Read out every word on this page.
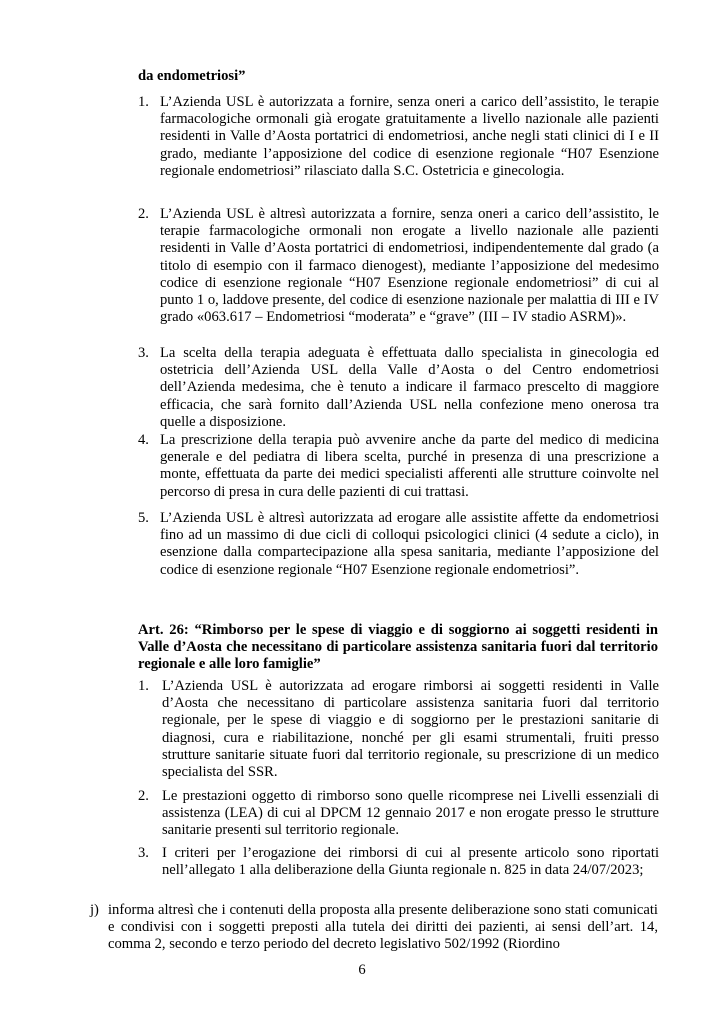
da endometriosi”
1. L’Azienda USL è autorizzata a fornire, senza oneri a carico dell’assistito, le terapie farmacologiche ormonali già erogate gratuitamente a livello nazionale alle pazienti residenti in Valle d’Aosta portatrici di endometriosi, anche negli stati clinici di I e II grado, mediante l’apposizione del codice di esenzione regionale “H07 Esenzione regionale endometriosi” rilasciato dalla S.C. Ostetricia e ginecologia.
2. L’Azienda USL è altresì autorizzata a fornire, senza oneri a carico dell’assistito, le terapie farmacologiche ormonali non erogate a livello nazionale alle pazienti residenti in Valle d’Aosta portatrici di endometriosi, indipendentemente dal grado (a titolo di esempio con il farmaco dienogest), mediante l’apposizione del medesimo codice di esenzione regionale “H07 Esenzione regionale endometriosi” di cui al punto 1 o, laddove presente, del codice di esenzione nazionale per malattia di III e IV grado «063.617 – Endometriosi “moderata” e “grave” (III – IV stadio ASRM)».
3. La scelta della terapia adeguata è effettuata dallo specialista in ginecologia ed ostetricia dell’Azienda USL della Valle d’Aosta o del Centro endometriosi dell’Azienda medesima, che è tenuto a indicare il farmaco prescelto di maggiore efficacia, che sarà fornito dall’Azienda USL nella confezione meno onerosa tra quelle a disposizione.
4. La prescrizione della terapia può avvenire anche da parte del medico di medicina generale e del pediatra di libera scelta, purché in presenza di una prescrizione a monte, effettuata da parte dei medici specialisti afferenti alle strutture coinvolte nel percorso di presa in cura delle pazienti di cui trattasi.
5. L’Azienda USL è altresì autorizzata ad erogare alle assistite affette da endometriosi fino ad un massimo di due cicli di colloqui psicologici clinici (4 sedute a ciclo), in esenzione dalla compartecipazione alla spesa sanitaria, mediante l’apposizione del codice di esenzione regionale “H07 Esenzione regionale endometriosi”.
Art. 26: “Rimborso per le spese di viaggio e di soggiorno ai soggetti residenti in Valle d’Aosta che necessitano di particolare assistenza sanitaria fuori dal territorio regionale e alle loro famiglie”
1. L’Azienda USL è autorizzata ad erogare rimborsi ai soggetti residenti in Valle d’Aosta che necessitano di particolare assistenza sanitaria fuori dal territorio regionale, per le spese di viaggio e di soggiorno per le prestazioni sanitarie di diagnosi, cura e riabilitazione, nonché per gli esami strumentali, fruiti presso strutture sanitarie situate fuori dal territorio regionale, su prescrizione di un medico specialista del SSR.
2. Le prestazioni oggetto di rimborso sono quelle ricomprese nei Livelli essenziali di assistenza (LEA) di cui al DPCM 12 gennaio 2017 e non erogate presso le strutture sanitarie presenti sul territorio regionale.
3. I criteri per l’erogazione dei rimborsi di cui al presente articolo sono riportati nell’allegato 1 alla deliberazione della Giunta regionale n. 825 in data 24/07/2023;
j) informa altresì che i contenuti della proposta alla presente deliberazione sono stati comunicati e condivisi con i soggetti preposti alla tutela dei diritti dei pazienti, ai sensi dell’art. 14, comma 2, secondo e terzo periodo del decreto legislativo 502/1992 (Riordino
6
